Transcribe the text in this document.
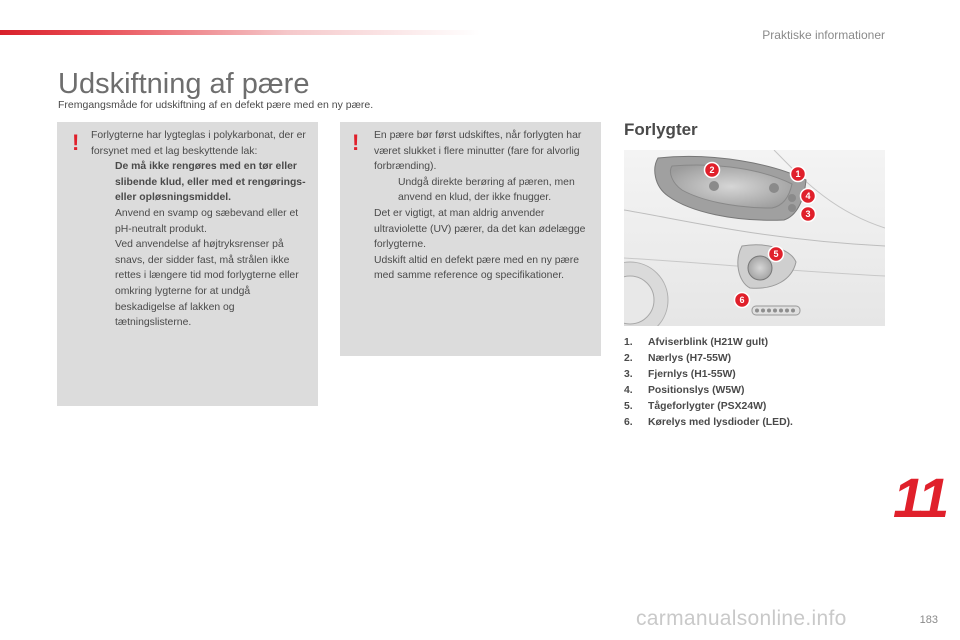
Praktiske informationer
Udskiftning af pære
Fremgangsmåde for udskiftning af en defekt pære med en ny pære.
! Forlygterne har lygteglas i polykarbonat, der er forsynet med et lag beskyttende lak:

De må ikke rengøres med en tør eller slibende klud, eller med et rengørings- eller opløsningsmiddel.

Anvend en svamp og sæbevand eller et pH-neutralt produkt.

Ved anvendelse af højtryksrenser på snavs, der sidder fast, må strålen ikke rettes i længere tid mod forlygterne eller omkring lygterne for at undgå beskadigelse af lakken og tætningslisterne.

! En pære bør først udskiftes, når forlygten har været slukket i flere minutter (fare for alvorlig forbrænding).

Undgå direkte berøring af pæren, men anvend en klud, der ikke fnugger.

Det er vigtigt, at man aldrig anvender ultraviolette (UV) pærer, da det kan ødelægge forlygterne.

Udskift altid en defekt pære med en ny pære med samme reference og specifikationer.

Forlygter
2	1
4
3
5
6
1.	Afviserblink (H21W gult)
2.	Nærlys (H7-55W)
3.	Fjernlys (H1-55W)
4.	Positionslys (W5W)
5.	Tågeforlygter (PSX24W)
6.	Kørelys med lysdioder (LED).
11
carmanualsonline.info	183
